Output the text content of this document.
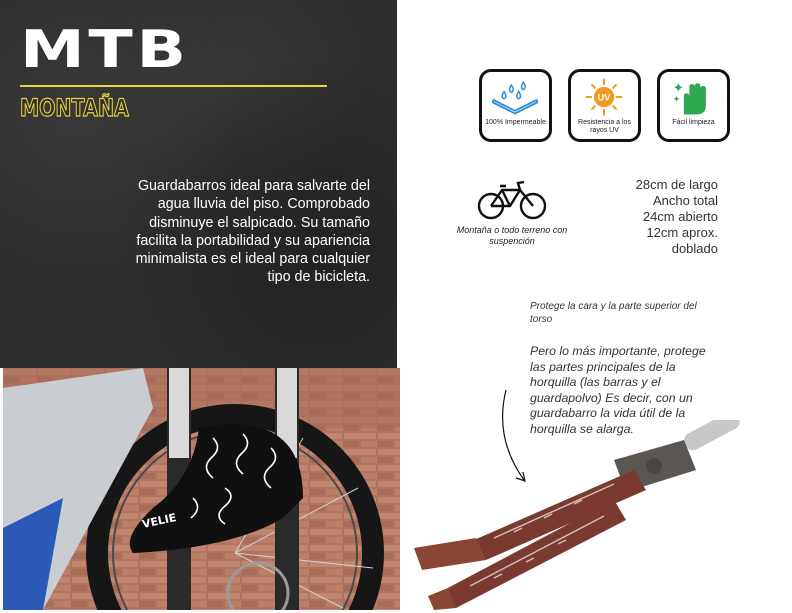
MTB
MONTAÑA

Guardabarros ideal para salvarte del agua lluvia del piso. Comprobado disminuye el salpicado. Su tamaño facilita la portabilidad y su apariencia minimalista es el ideal para cualquier tipo de bicicleta.

100% Impermeable
UV
Resistencia a los rayos UV
Fácil limpieza
Montaña o todo terreno con suspención
28cm de largo
Ancho total
24cm abierto
12cm aprox.
doblado

Protege la cara y la parte superior del torso

Pero lo más importante, protege las partes principales de la horquilla (las barras y el guardapolvo) Es decir, con un guardabarro la vida útil de la horquilla se alarga.

VELIE
